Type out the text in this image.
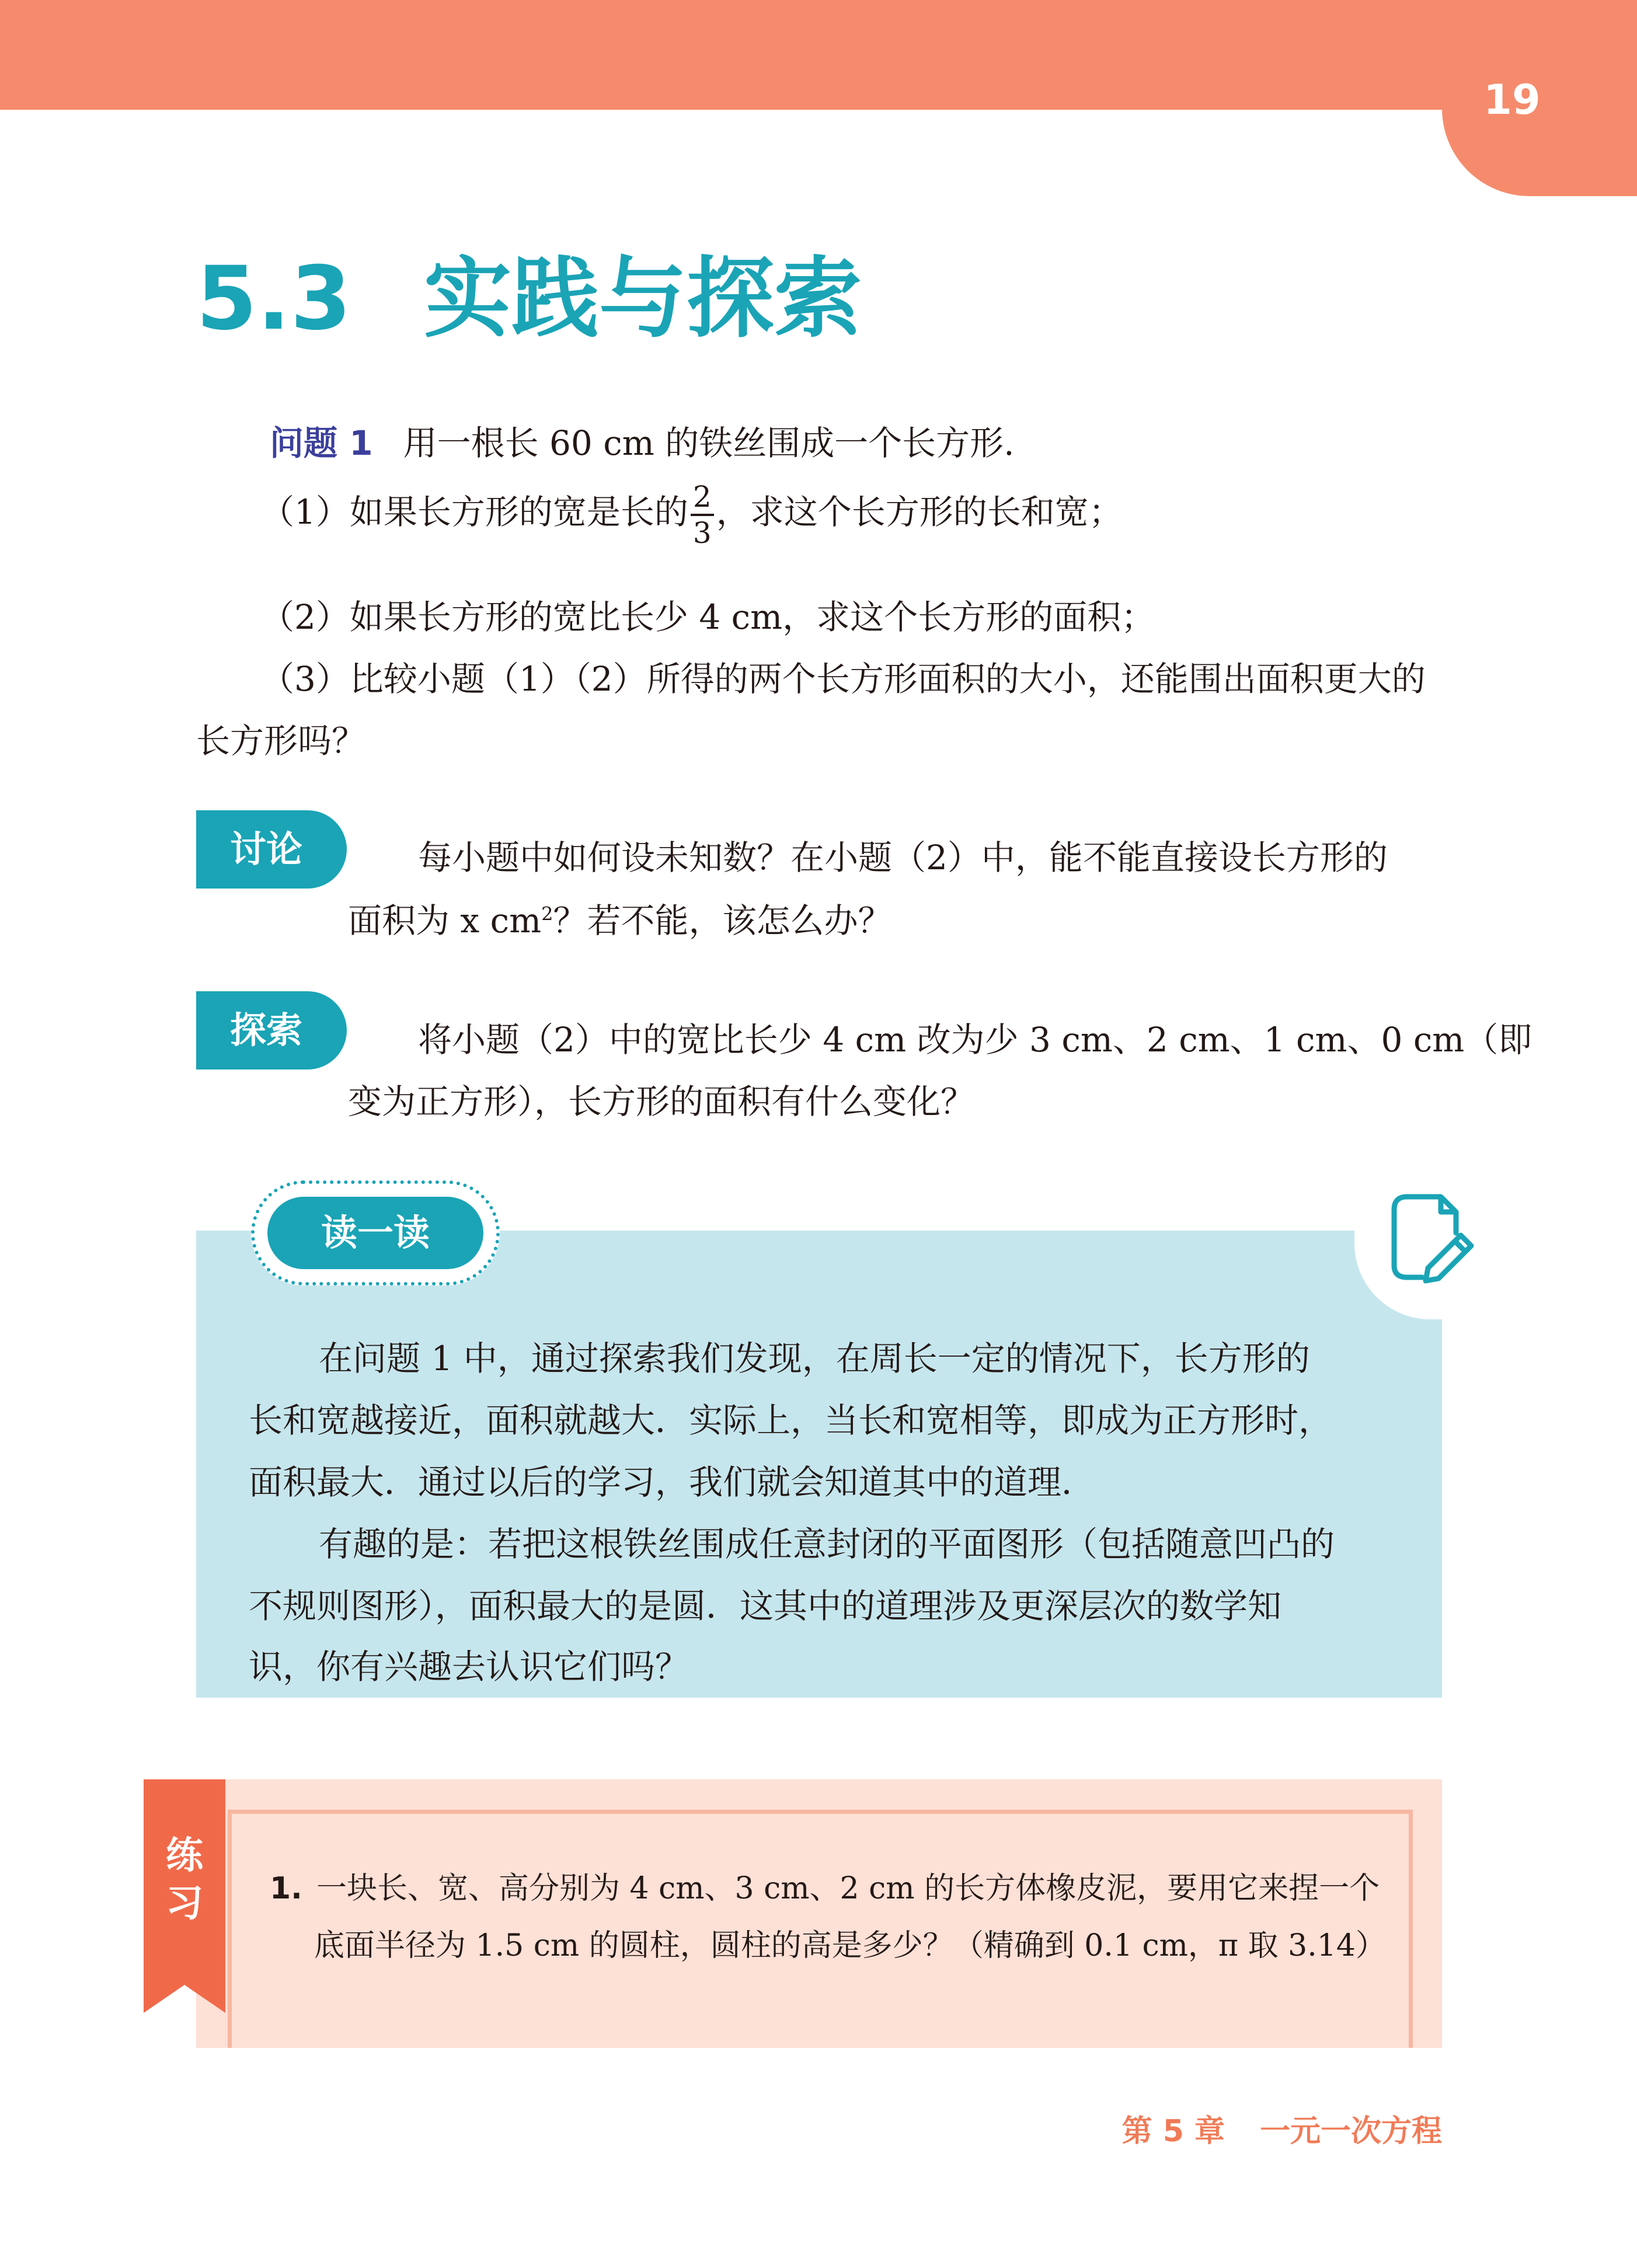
19
5.3 实践与探索
问题 1 用一根长 60 cm 的铁丝围成一个长方形.
（1）如果长方形的宽是长的 $\frac{2}{3}$ ，求这个长方形的长和宽；
（2）如果长方形的宽比长少 4 cm，求这个长方形的面积；
（3）比较小题（1）（2）所得的两个长方形面积的大小，还能围出面积更大的
长方形吗？
讨论	每小题中如何设未知数？在小题（2）中，能不能直接设长方形的
面积为 x $cm^2$？若不能，该怎么办？
探索	将小题（2）中的宽比长少 4 cm 改为少 3 cm、2 cm、1 cm、0 cm（即
变为正方形），长方形的面积有什么变化？
读一读
在问题 1 中，通过探索我们发现，在周长一定的情况下，长方形的
长和宽越接近，面积就越大．实际上，当长和宽相等，即成为正方形时，
面积最大．通过以后的学习，我们就会知道其中的道理．
有趣的是：若把这根铁丝围成任意封闭的平面图形（包括随意凹凸的
不规则图形），面积最大的是圆．这其中的道理涉及更深层次的数学知
识，你有兴趣去认识它们吗？
练
习	1. 一块长、宽、高分别为 4 cm、3 cm、2 cm 的长方体橡皮泥，要用它来捏一个
底面半径为 1.5 cm 的圆柱，圆柱的高是多少？（精确到 0.1 cm，π 取 3.14）
第 5 章 一元一次方程
